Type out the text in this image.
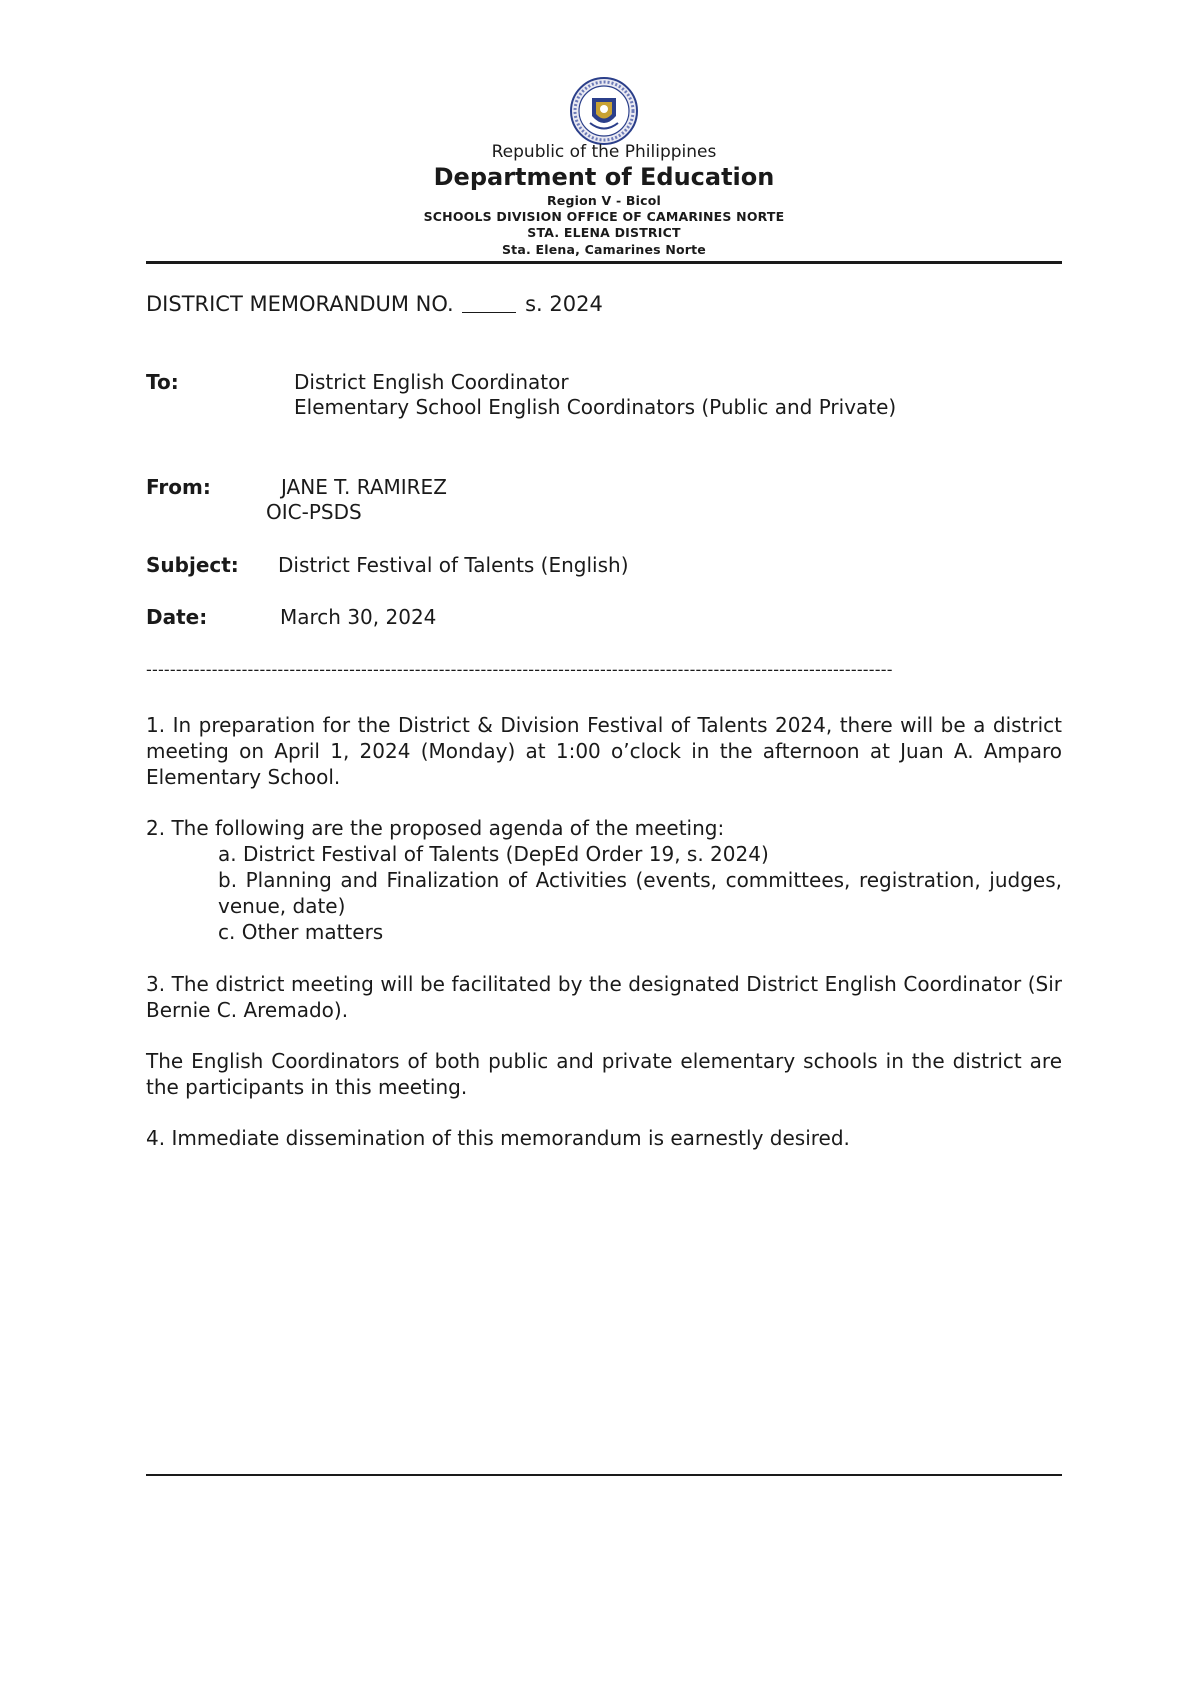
Republic of the Philippines
Department of Education
Region V - Bicol
SCHOOLS DIVISION OFFICE OF CAMARINES NORTE
STA. ELENA DISTRICT
Sta. Elena, Camarines Norte
DISTRICT MEMORANDUM NO.	s. 2024
To:	District English Coordinator
Elementary School English Coordinators (Public and Private)
From:	JANE T. RAMIREZ
OIC-PSDS
Subject: District Festival of Talents (English)
Date:	March 30, 2024
-----------------------------------------------------------------------------------------------------------------------------
1. In preparation for the District & Division Festival of Talents 2024, there will be a district meeting on April 1, 2024 (Monday) at 1:00 o’clock in the afternoon at Juan A. Amparo Elementary School.
2. The following are the proposed agenda of the meeting:
a. District Festival of Talents (DepEd Order 19, s. 2024)
b. Planning and Finalization of Activities (events, committees, registration, judges, venue, date)
c. Other matters
3. The district meeting will be facilitated by the designated District English Coordinator (Sir Bernie C. Aremado).
The English Coordinators of both public and private elementary schools in the district are the participants in this meeting.
4. Immediate dissemination of this memorandum is earnestly desired.
